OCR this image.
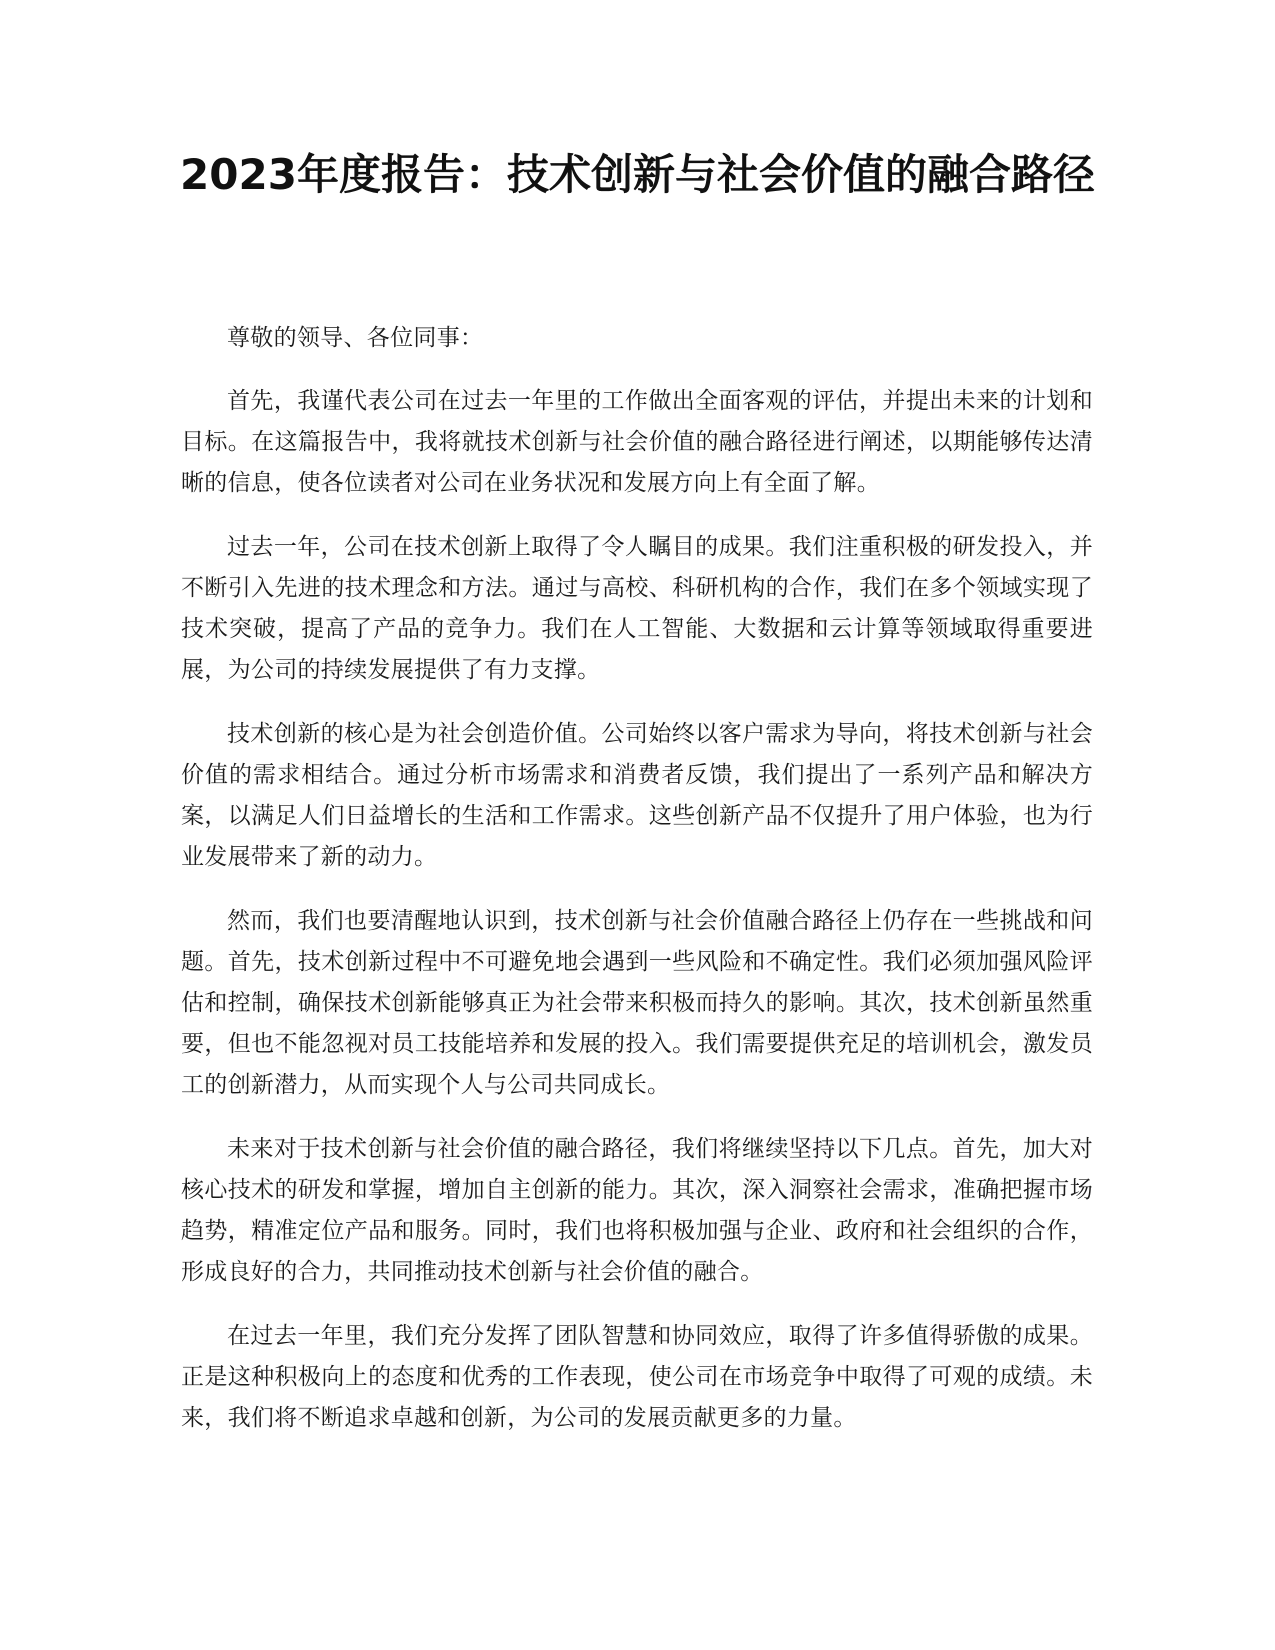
2023年度报告：技术创新与社会价值的融合路径

尊敬的领导、各位同事：

首先，我谨代表公司在过去一年里的工作做出全面客观的评估，并提出未来的计划和目标。在这篇报告中，我将就技术创新与社会价值的融合路径进行阐述，以期能够传达清晰的信息，使各位读者对公司在业务状况和发展方向上有全面了解。

过去一年，公司在技术创新上取得了令人瞩目的成果。我们注重积极的研发投入，并不断引入先进的技术理念和方法。通过与高校、科研机构的合作，我们在多个领域实现了技术突破，提高了产品的竞争力。我们在人工智能、大数据和云计算等领域取得重要进展，为公司的持续发展提供了有力支撑。

技术创新的核心是为社会创造价值。公司始终以客户需求为导向，将技术创新与社会价值的需求相结合。通过分析市场需求和消费者反馈，我们提出了一系列产品和解决方案，以满足人们日益增长的生活和工作需求。这些创新产品不仅提升了用户体验，也为行业发展带来了新的动力。

然而，我们也要清醒地认识到，技术创新与社会价值融合路径上仍存在一些挑战和问题。首先，技术创新过程中不可避免地会遇到一些风险和不确定性。我们必须加强风险评估和控制，确保技术创新能够真正为社会带来积极而持久的影响。其次，技术创新虽然重要，但也不能忽视对员工技能培养和发展的投入。我们需要提供充足的培训机会，激发员工的创新潜力，从而实现个人与公司共同成长。

未来对于技术创新与社会价值的融合路径，我们将继续坚持以下几点。首先，加大对核心技术的研发和掌握，增加自主创新的能力。其次，深入洞察社会需求，准确把握市场趋势，精准定位产品和服务。同时，我们也将积极加强与企业、政府和社会组织的合作，形成良好的合力，共同推动技术创新与社会价值的融合。

在过去一年里，我们充分发挥了团队智慧和协同效应，取得了许多值得骄傲的成果。正是这种积极向上的态度和优秀的工作表现，使公司在市场竞争中取得了可观的成绩。未来，我们将不断追求卓越和创新，为公司的发展贡献更多的力量。
